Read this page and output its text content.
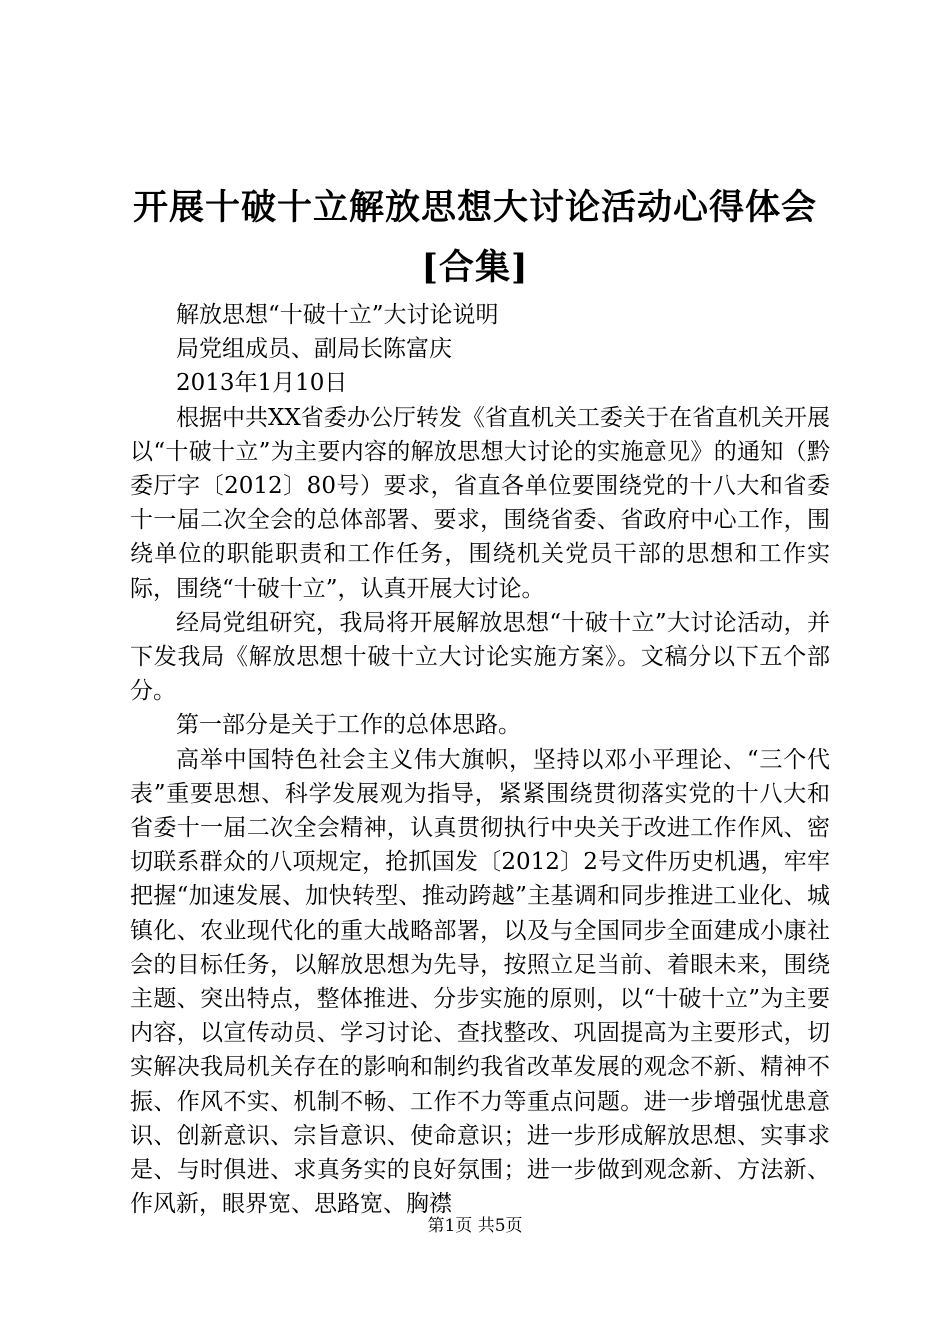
开展十破十立解放思想大讨论活动心得体会
[合集]

解放思想“十破十立”大讨论说明

局党组成员、副局长陈富庆

2013年1月10日

根据中共XX省委办公厅转发《省直机关工委关于在省直机关开展以“十破十立”为主要内容的解放思想大讨论的实施意见》的通知（黔委厅字〔2012〕80号）要求，省直各单位要围绕党的十八大和省委十一届二次全会的总体部署、要求，围绕省委、省政府中心工作，围绕单位的职能职责和工作任务，围绕机关党员干部的思想和工作实际，围绕“十破十立”，认真开展大讨论。

经局党组研究，我局将开展解放思想“十破十立”大讨论活动，并下发我局《解放思想十破十立大讨论实施方案》。文稿分以下五个部分。

第一部分是关于工作的总体思路。

高举中国特色社会主义伟大旗帜，坚持以邓小平理论、“三个代表”重要思想、科学发展观为指导，紧紧围绕贯彻落实党的十八大和省委十一届二次全会精神，认真贯彻执行中央关于改进工作作风、密切联系群众的八项规定，抢抓国发〔2012〕2号文件历史机遇，牢牢把握“加速发展、加快转型、推动跨越”主基调和同步推进工业化、城镇化、农业现代化的重大战略部署，以及与全国同步全面建成小康社会的目标任务，以解放思想为先导，按照立足当前、着眼未来，围绕主题、突出特点，整体推进、分步实施的原则，以“十破十立”为主要内容，以宣传动员、学习讨论、查找整改、巩固提高为主要形式，切实解决我局机关存在的影响和制约我省改革发展的观念不新、精神不振、作风不实、机制不畅、工作不力等重点问题。进一步增强忧患意识、创新意识、宗旨意识、使命意识；进一步形成解放思想、实事求是、与时俱进、求真务实的良好氛围；进一步做到观念新、方法新、作风新，眼界宽、思路宽、胸襟

第1页 共5页
